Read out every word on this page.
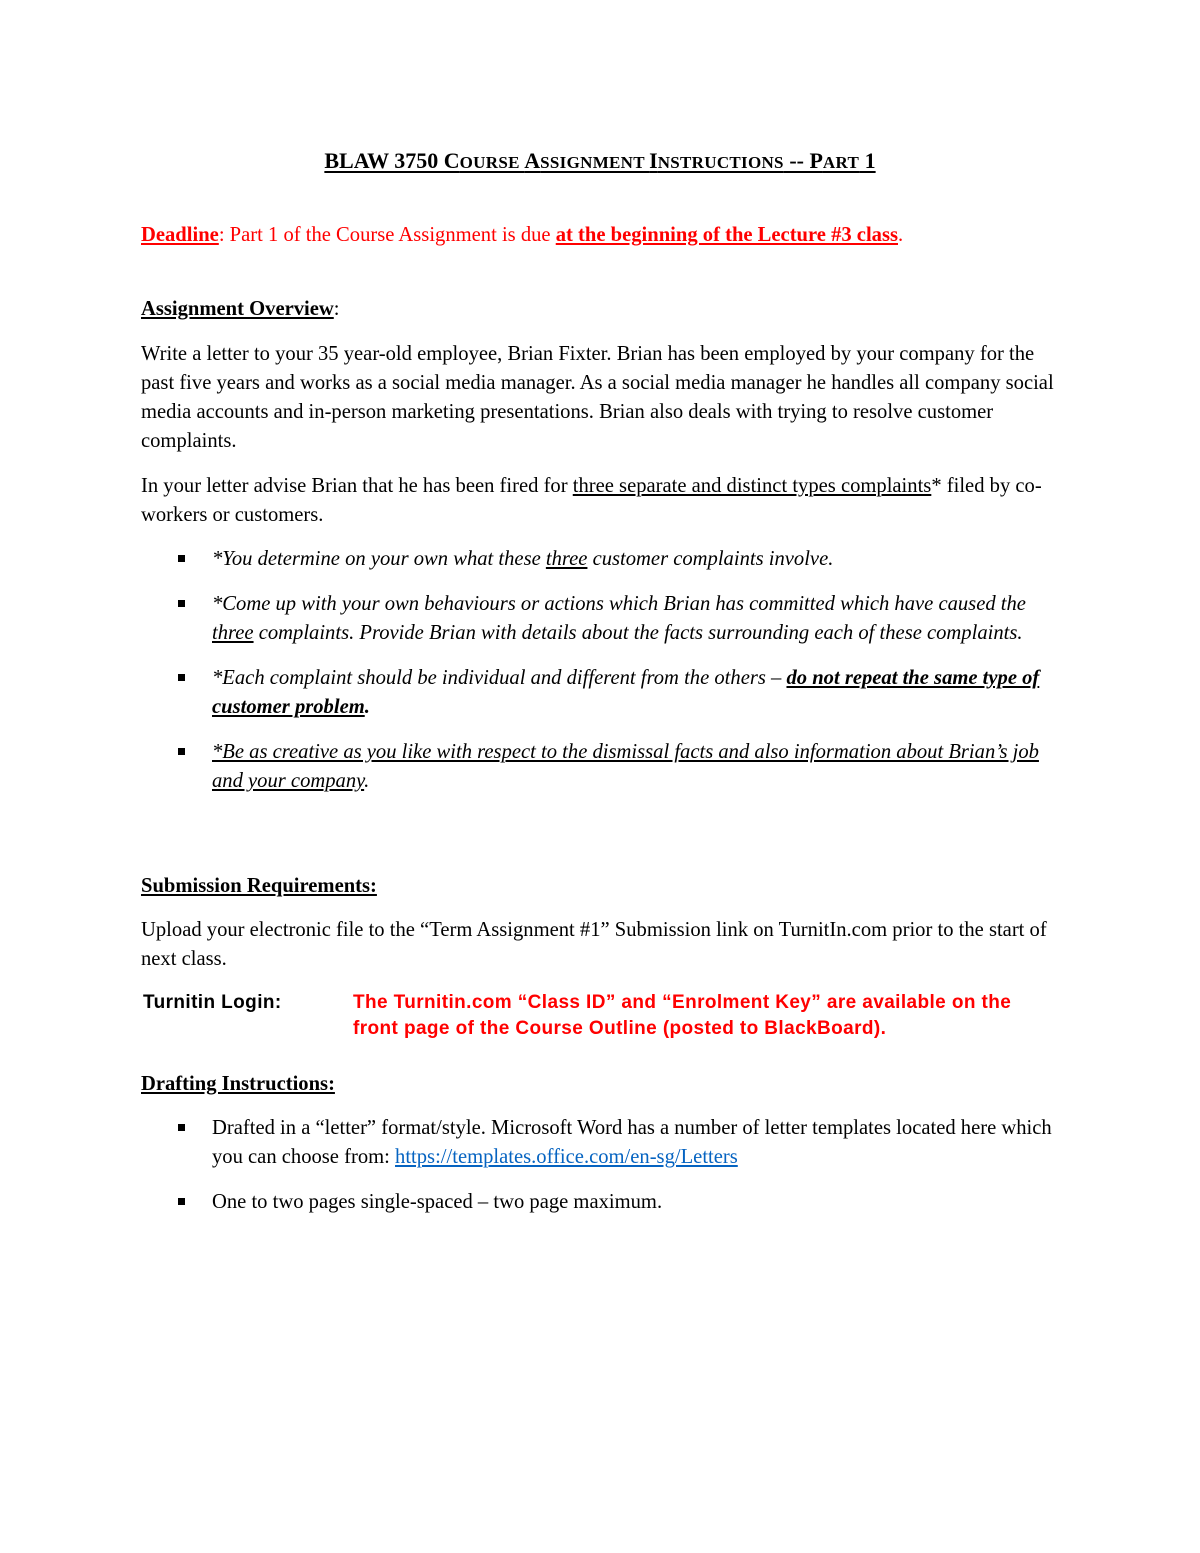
BLAW 3750 COURSE ASSIGNMENT INSTRUCTIONS -- PART 1
Deadline: Part 1 of the Course Assignment is due at the beginning of the Lecture #3 class.
Assignment Overview:
Write a letter to your 35 year-old employee, Brian Fixter. Brian has been employed by your company for the past five years and works as a social media manager. As a social media manager he handles all company social media accounts and in-person marketing presentations. Brian also deals with trying to resolve customer complaints.
In your letter advise Brian that he has been fired for three separate and distinct types complaints* filed by co-workers or customers.
*You determine on your own what these three customer complaints involve.
*Come up with your own behaviours or actions which Brian has committed which have caused the three complaints. Provide Brian with details about the facts surrounding each of these complaints.
*Each complaint should be individual and different from the others – do not repeat the same type of customer problem.
*Be as creative as you like with respect to the dismissal facts and also information about Brian’s job and your company.
Submission Requirements:
Upload your electronic file to the “Term Assignment #1” Submission link on TurnitIn.com prior to the start of next class.
Turnitin Login:	The Turnitin.com “Class ID” and “Enrolment Key” are available on the front page of the Course Outline (posted to BlackBoard).
Drafting Instructions:
Drafted in a “letter” format/style. Microsoft Word has a number of letter templates located here which you can choose from: https://templates.office.com/en-sg/Letters
One to two pages single-spaced – two page maximum.
